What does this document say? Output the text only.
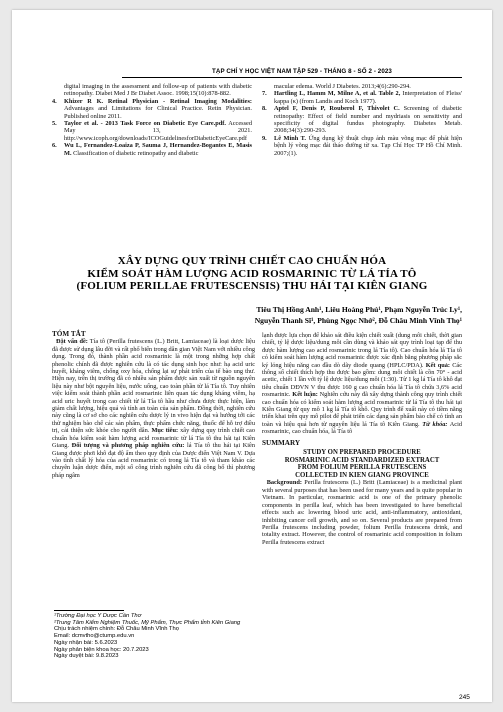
TẠP CHÍ Y HỌC VIỆT NAM TẬP 529 - THÁNG 8 - SỐ 2 - 2023
digital imaging in the assessment and follow-up of patients with diabetic retinopathy. Diabet Med J Br Diabet Assoc. 1998;15(10):878-882.
4. Khizer R K. Retinal Physician - Retinal Imaging Modalities: Advantages and Limitations for Clinical Practice. Retin Physician. Published online 2011.
5. Taylor et al. - 2013 Task Force on Diabetic Eye Care.pdf. Accessed May 13, 2021. http://www.icoph.org/downloads/ICOGuidelinesforDiabeticEyeCare.pdf
6. Wu L, Fernandez-Loaiza P, Sauma J, Hernandez-Bogantes E, Masis M. Classification of diabetic retinopathy and diabetic
macular edema. World J Diabetes. 2013;4(6):290-294.
7. Hartling L, Hamm M, Milne A, et al. Table 2, Interpretation of Fleiss' kappa (κ) (from Landis and Koch 1977).
8. Aptel F, Denis P, Rouberol F, Thivolet C. Screening of diabetic retinopathy: Effect of field number and mydriasis on sensitivity and specificity of digital fundus photography. Diabetes Metab. 2008;34(3):290-293.
9. Lê Minh T. Ứng dụng kỹ thuật chụp ảnh màu võng mạc để phát hiện bệnh lý võng mạc đái tháo đường từ xa. Tạp Chí Học TP Hồ Chí Minh. 2007;(1).
XÂY DỰNG QUY TRÌNH CHIẾT CAO CHUẨN HÓA
KIỂM SOÁT HÀM LƯỢNG ACID ROSMARINIC TỪ LÁ TÍA TÔ
(FOLIUM PERILLAE FRUTESCENSIS) THU HÁI TẠI KIÊN GIANG
Tiêu Thị Hồng Anh¹, Liêu Hoàng Phú¹, Phạm Nguyễn Trúc Ly¹,
Nguyễn Thanh Sĩ¹, Phùng Ngọc Nhớ², Đỗ Châu Minh Vĩnh Thọ¹
TÓM TẮT

Đặt vấn đề: Tía tô (Perilla frutescens (L.) Britt, Lamiaceae) là loại dược liệu đã được sử dụng lâu đời và rất phổ biến trong dân gian Việt Nam với nhiều công dụng. Trong đó, thành phần acid rosmarinic là một trong những hợp chất phenolic chính đã được nghiên cứu là có tác dụng sinh học như: hạ acid uric huyết, kháng viêm, chống oxy hóa, chống lại sự phát triển của tế bào ung thư. Hiện nay, trên thị trường đã có nhiều sản phẩm được sản xuất từ nguồn nguyên liệu này như bột nguyên liệu, nước uống, cao toàn phần từ lá Tía tô. Tuy nhiên việc kiểm soát thành phần acid rosmarinic liên quan tác dụng kháng viêm, hạ acid uric huyết trong cao chiết từ lá Tía tô hầu như chưa được thực hiện, làm giảm chất lượng, hiệu quả và tính an toàn của sản phẩm. Đồng thời, nghiên cứu này cũng là cơ sở cho các nghiên cứu dược lý in vivo hiện đại và hướng tới các thử nghiệm bào chế các sản phẩm, thực phẩm chức năng, thuốc để hỗ trợ điều trị, cải thiện sức khỏe cho người dân. Mục tiêu: xây dựng quy trình chiết cao chuẩn hóa kiểm soát hàm lượng acid rosmarinic từ lá Tía tô thu hái tại Kiên Giang. Đối tượng và phương pháp nghiên cứu: lá Tía tô thu hái tại Kiên Giang được phơi khô đạt độ ẩm theo quy định của Dược điển Việt Nam V. Dựa vào tính chất lý hóa của acid rosmarinic có trong lá Tía tô và tham khảo các chuyên luận dược điển, một số công trình nghiên cứu đã công bố thì phương pháp ngâm

lạnh được lựa chọn để khảo sát điều kiện chiết xuất (dung môi chiết, thời gian chiết, tỷ lệ dược liệu/dung môi cần dùng và khảo sát quy trình loại tạp để thu được hàm lượng cao acid rosmarinic trong lá Tía tô). Cao chuẩn hóa lá Tía tô có kiểm soát hàm lượng acid rosmarinic được xác định bằng phương pháp sắc ký lỏng hiệu năng cao đầu dò dãy diode quang (HPLC/PDA). Kết quả: Các thông số chiết thích hợp thu được bao gồm: dung môi chiết là cồn 70° - acid acetic, chiết 1 lần với tỷ lệ dược liệu/dung môi (1:30). Từ 1 kg lá Tía tô khô đạt tiêu chuẩn DĐVN V thu được 160 g cao chuẩn hóa lá Tía tô chứa 3,6% acid rosmarinic. Kết luận: Nghiên cứu này đã xây dựng thành công quy trình chiết cao chuẩn hóa có kiểm soát hàm lượng acid rosmarinic từ lá Tía tô thu hái tại Kiên Giang từ quy mô 1 kg lá Tía tô khô. Quy trình để xuất này có tiềm năng triển khai trên quy mô pilot để phát triển các dạng sản phẩm bào chế có tính an toàn và hiệu quả hơn từ nguyên liệu lá Tía tô Kiên Giang. Từ khóa: Acid rosmarinic, cao chuẩn hóa, lá Tía tô

SUMMARY
STUDY ON PREPARED PROCEDURE
ROSMARINIC ACID STANDARDIZED EXTRACT
FROM FOLIUM PERILLA FRUTESCENS
COLLECTED IN KIEN GIANG PROVINCE

Background: Perilla frutescens (L.) Britt (Lamiaceae) is a medicinal plant with several purposes that has been used for many years and is quite popular in Vietnam. In particular, rosmarinic acid is one of the primary phenolic components in perilla leaf, which has been investigated to have beneficial effects such as: lowering blood uric acid, anti-inflammatory, antioxidant, inhibiting cancer cell growth, and so on. Several products are prepared from Perilla frutescens including powder, folium Perilla frutescens drink, and totality extract. However, the control of rosmarinic acid composition in folium Perilla frutescens extract

¹Trường Đại học Y Dược Cần Thơ
²Trung Tâm Kiểm Nghiệm Thuốc, Mỹ Phẩm, Thực Phẩm tỉnh Kiên Giang
Chịu trách nhiệm chính: Đỗ Châu Minh Vĩnh Thọ
Email: dcmvtho@ctump.edu.vn
Ngày nhận bài: 5.6.2023
Ngày phản biện khoa học: 20.7.2023
Ngày duyệt bài: 9.8.2023
245
